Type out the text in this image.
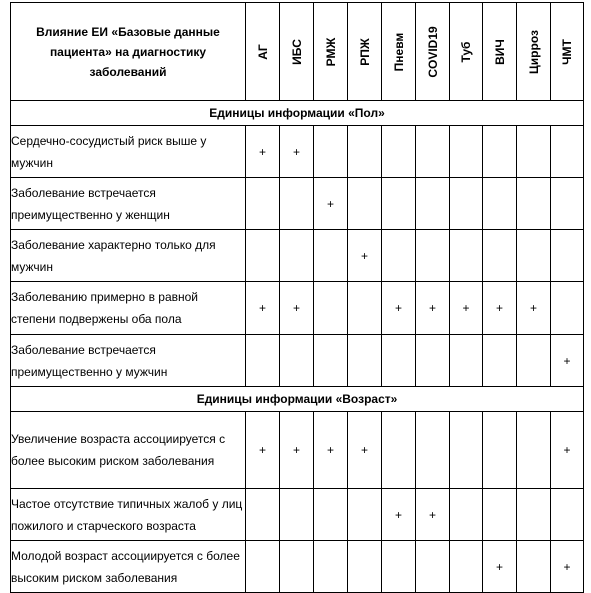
Влияние ЕИ «Базовые данные пациента» на диагностику заболеваний	АГ	ИБС	РМЖ	РПЖ	Пневм	COVID19	Туб	ВИЧ	Цирроз	ЧМТ

Единицы информации «Пол»										
Сердечно-сосудистый риск выше у мужчин	+	+								
Заболевание встречается преимущественно у женщин			+							
Заболевание характерно только для мужчин				+						
Заболеванию примерно в равной степени подвержены оба пола	+	+			+	+	+	+	+	
Заболевание встречается преимущественно у мужчин										+
Единицы информации «Возраст»										
Увеличение возраста ассоциируется с более высоким риском заболевания	+	+	+	+						+
Частое отсутствие типичных жалоб у лиц пожилого и старческого возраста					+	+				
Молодой возраст ассоциируется с более высоким риском заболевания								+		+
